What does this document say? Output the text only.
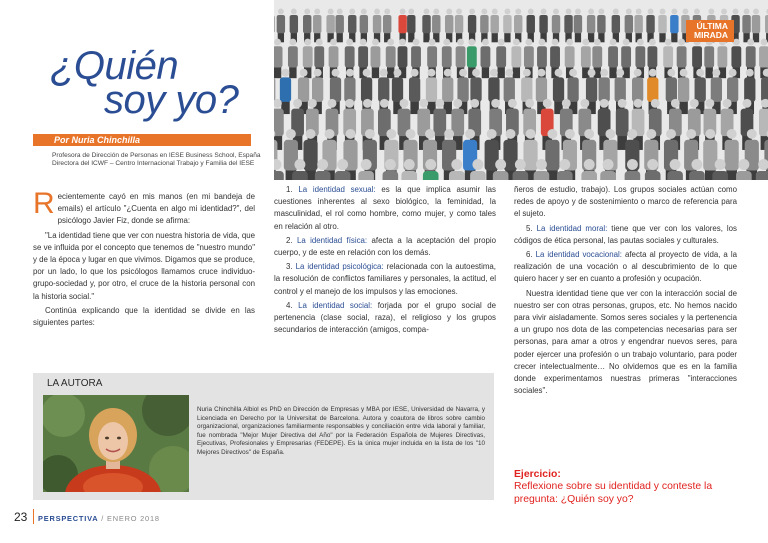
¿Quién
soy yo?
Por Nuria Chinchilla
Profesora de Dirección de Personas en IESE Business School, España
Directora del ICWF – Centro Internacional Trabajo y Familia del IESE
ÚLTIMA
MIRADA

Recientemente cayó en mis manos (en mi bandeja de emails) el artículo "¿Cuenta en algo mi identidad?", del psicólogo Javier Fiz, donde se afirma:

"La identidad tiene que ver con nuestra historia de vida, que se ve influida por el concepto que tenemos de "nuestro mundo" y de la época y lugar en que vivimos. Digamos que se produce, por un lado, lo que los psicólogos llamamos cruce individuo-grupo-sociedad y, por otro, el cruce de la historia personal con la historia social."

Continúa explicando que la identidad se divide en las siguientes partes:

1. La identidad sexual: es la que implica asumir las cuestiones inherentes al sexo biológico, la feminidad, la masculinidad, el rol como hombre, como mujer, y como tales en relación al otro.

2. La identidad física: afecta a la aceptación del propio cuerpo, y de este en relación con los demás.

3. La identidad psicológica: relacionada con la autoestima, la resolución de conflictos familiares y personales, la actitud, el control y el manejo de los impulsos y las emociones.

4. La identidad social: forjada por el grupo social de pertenencia (clase social, raza), el religioso y los grupos secundarios de interacción (amigos, compa-

ñeros de estudio, trabajo). Los grupos sociales actúan como redes de apoyo y de sostenimiento o marco de referencia para el sujeto.

5. La identidad moral: tiene que ver con los valores, los códigos de ética personal, las pautas sociales y culturales.

6. La identidad vocacional: afecta al proyecto de vida, a la realización de una vocación o al descubrimiento de lo que quiero hacer y ser en cuanto a profesión y ocupación.

Nuestra identidad tiene que ver con la interacción social de nuestro ser con otras personas, grupos, etc. No hemos nacido para vivir aisladamente. Somos seres sociales y la pertenencia a un grupo nos dota de las competencias necesarias para ser personas, para amar a otros y engendrar nuevos seres, para poder ejercer una profesión o un trabajo voluntario, para poder crecer intelectualmente… No olvidemos que es en la familia donde experimentamos nuestras primeras "interacciones sociales".

LA AUTORA
Nuria Chinchilla Albiol es PhD en Dirección de Empresas y MBA por IESE, Universidad de Navarra, y Licenciada en Derecho por la Universitat de Barcelona. Autora y coautora de libros sobre cambio organizacional, organizaciones familiarmente responsables y conciliación entre vida laboral y familiar, fue nombrada "Mejor Mujer Directiva del Año" por la Federación Española de Mujeres Directivas, Ejecutivas, Profesionales y Empresarias (FEDEPE). Es la única mujer incluida en la lista de los "10 Mejores Directivos" de España.
Ejercicio:
Reflexione sobre su identidad y conteste la pregunta: ¿Quién soy yo?
23 PERSPECTIVA / ENERO 2018
